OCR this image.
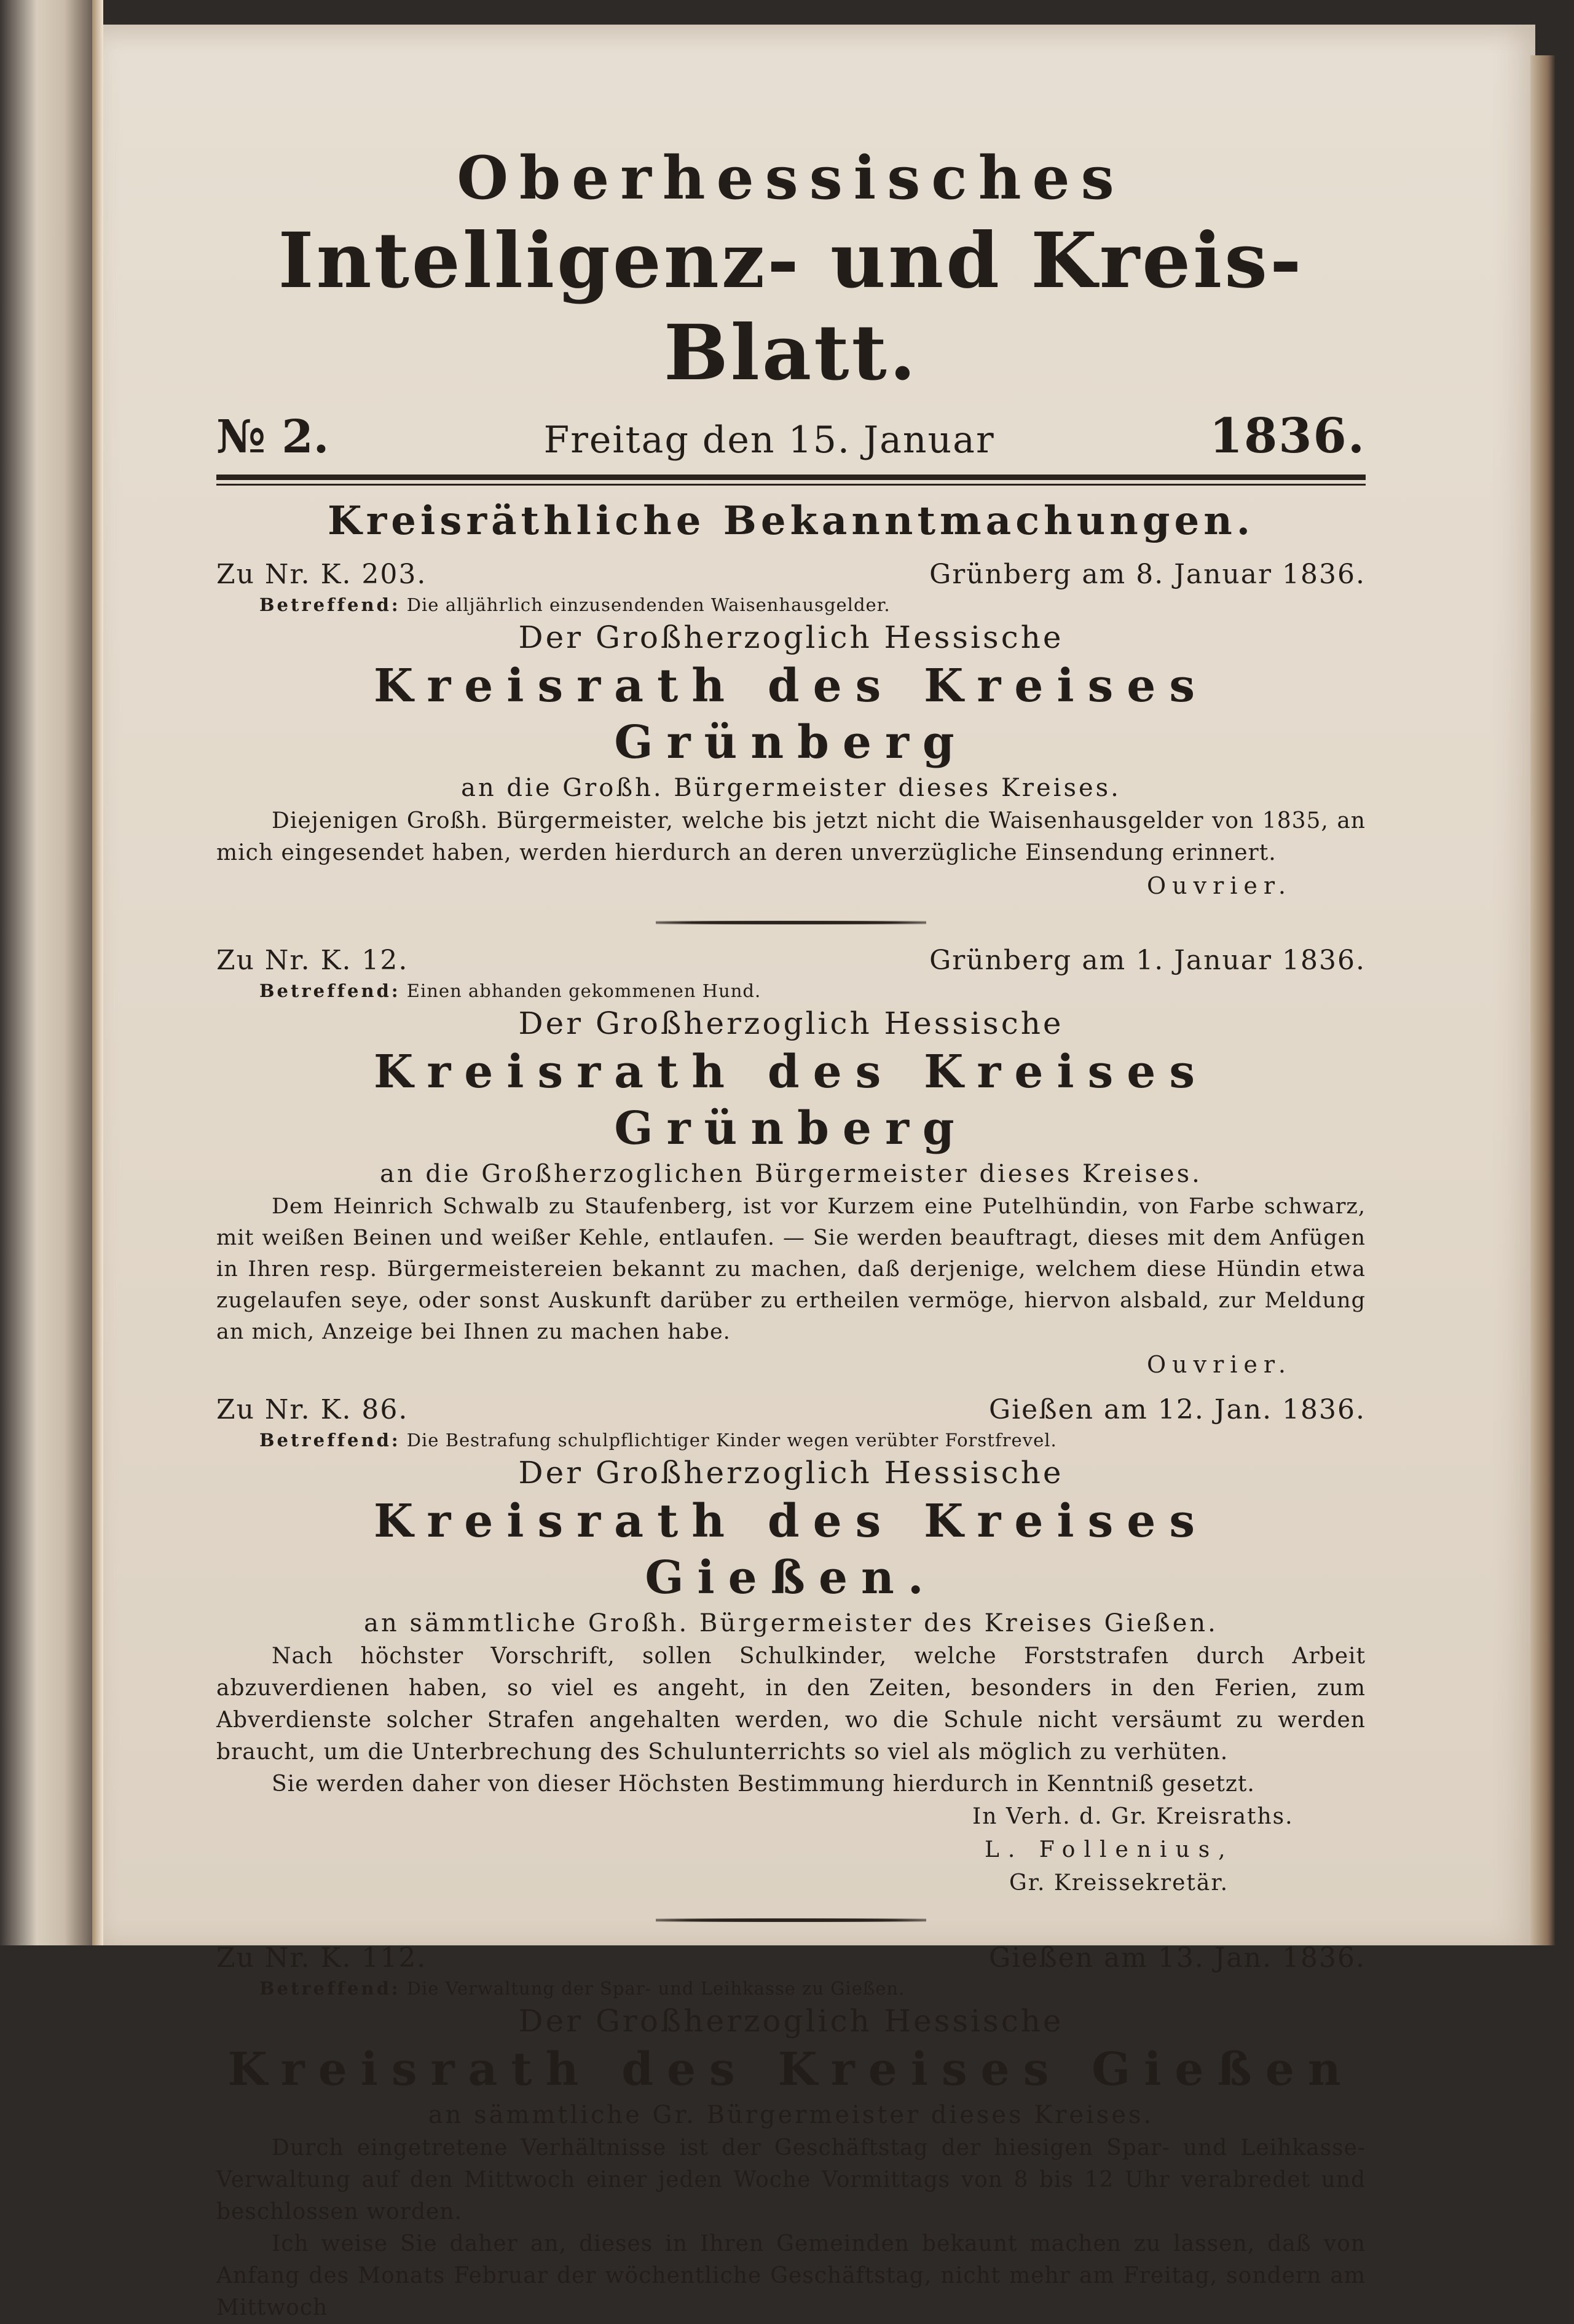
Oberhessisches
Intelligenz- und Kreis-Blatt.
№ 2.	Freitag den 15. Januar	1836.
Kreisräthliche Bekanntmachungen.
Zu Nr. K. 203.	Grünberg am 8. Januar 1836.
Betreffend: Die alljährlich einzusendenden Waisenhausgelder.
Der Großherzoglich Hessische
Kreisrath des Kreises Grünberg
an die Großh. Bürgermeister dieses Kreises.
Diejenigen Großh. Bürgermeister, welche bis jetzt nicht die Waisenhausgelder von 1835, an mich eingesendet haben, werden hierdurch an deren unverzügliche Einsendung erinnert.
Ouvrier.
Zu Nr. K. 12.	Grünberg am 1. Januar 1836.
Betreffend: Einen abhanden gekommenen Hund.
Der Großherzoglich Hessische
Kreisrath des Kreises Grünberg
an die Großherzoglichen Bürgermeister dieses Kreises.
Dem Heinrich Schwalb zu Staufenberg, ist vor Kurzem eine Putelhündin, von Farbe schwarz, mit weißen Beinen und weißer Kehle, entlaufen. — Sie werden beauftragt, dieses mit dem Anfügen in Ihren resp. Bürgermeistereien bekannt zu machen, daß derjenige, welchem diese Hündin etwa zugelaufen seye, oder sonst Auskunft darüber zu ertheilen vermöge, hiervon alsbald, zur Meldung an mich, Anzeige bei Ihnen zu machen habe.
Ouvrier.
Zu Nr. K. 86.	Gießen am 12. Jan. 1836.
Betreffend: Die Bestrafung schulpflichtiger Kinder wegen verübter Forstfrevel.
Der Großherzoglich Hessische
Kreisrath des Kreises Gießen.
an sämmtliche Großh. Bürgermeister des Kreises Gießen.
Nach höchster Vorschrift, sollen Schulkinder, welche Forststrafen durch Arbeit abzuverdienen haben, so viel es angeht, in den Zeiten, besonders in den Ferien, zum Abverdienste solcher Strafen angehalten werden, wo die Schule nicht versäumt zu werden braucht, um die Unterbrechung des Schulunterrichts so viel als möglich zu verhüten.
Sie werden daher von dieser Höchsten Bestimmung hierdurch in Kenntniß gesetzt.
In Verh. d. Gr. Kreisraths.
L. Follenius,
Gr. Kreissekretär.
Zu Nr. K. 112.	Gießen am 13. Jan. 1836.
Betreffend: Die Verwaltung der Spar- und Leihkasse zu Gießen.
Der Großherzoglich Hessische
Kreisrath des Kreises Gießen
an sämmtliche Gr. Bürgermeister dieses Kreises.
Durch eingetretene Verhältnisse ist der Geschäftstag der hiesigen Spar- und Leihkasse-Verwaltung auf den Mittwoch einer jeden Woche Vormittags von 8 bis 12 Uhr verabredet und beschlossen worden.
Ich weise Sie daher an, dieses in Ihren Gemeinden bekaunt machen zu lassen, daß von Anfang des Monats Februar der wöchentliche Geschäftstag, nicht mehr am Freitag, sondern am Mittwoch
